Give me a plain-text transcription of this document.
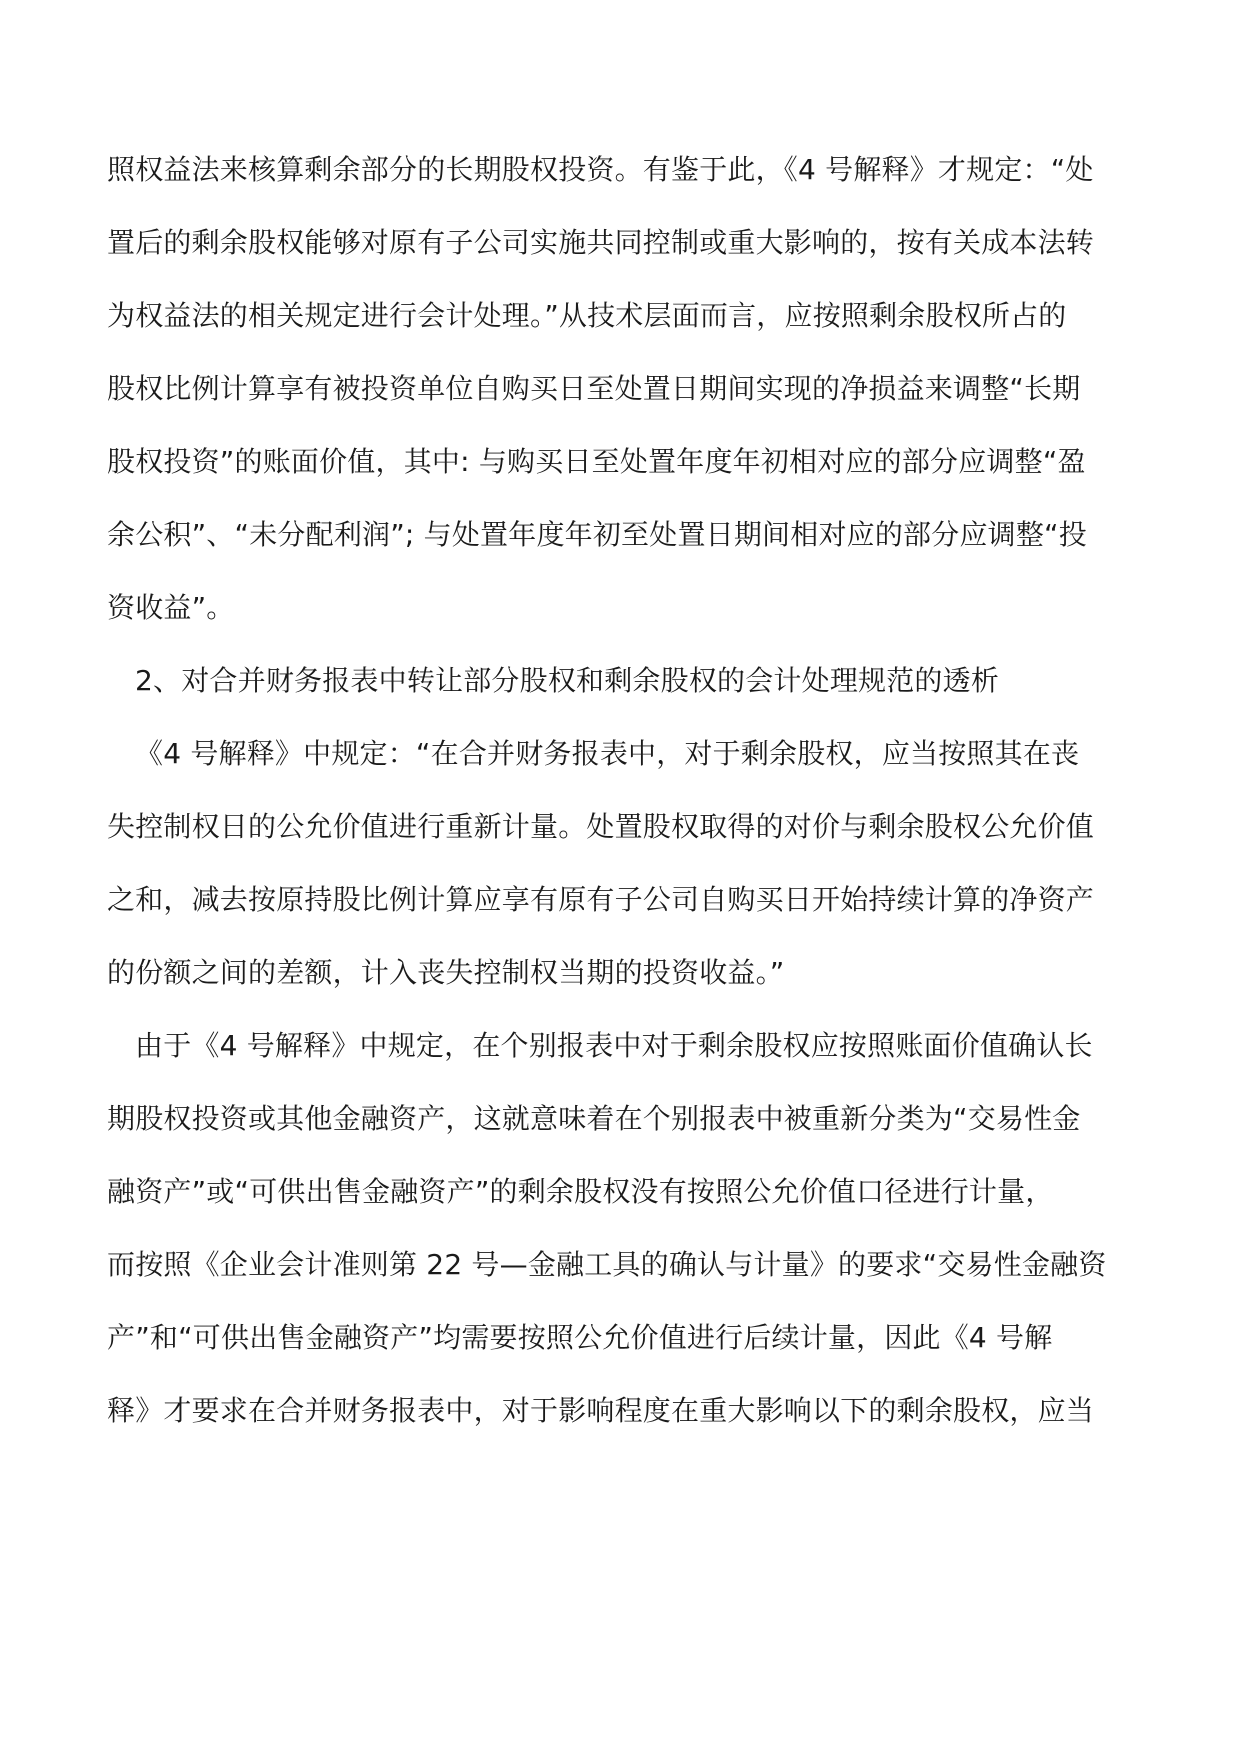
照权益法来核算剩余部分的长期股权投资。有鉴于此，《4 号解释》才规定：“处
置后的剩余股权能够对原有子公司实施共同控制或重大影响的，按有关成本法转
为权益法的相关规定进行会计处理。”从技术层面而言，应按照剩余股权所占的
股权比例计算享有被投资单位自购买日至处置日期间实现的净损益来调整“长期
股权投资”的账面价值，其中: 与购买日至处置年度年初相对应的部分应调整“盈
余公积”、“未分配利润”; 与处置年度年初至处置日期间相对应的部分应调整“投
资收益”。
2、对合并财务报表中转让部分股权和剩余股权的会计处理规范的透析
《4 号解释》中规定：“在合并财务报表中，对于剩余股权，应当按照其在丧
失控制权日的公允价值进行重新计量。处置股权取得的对价与剩余股权公允价值
之和，减去按原持股比例计算应享有原有子公司自购买日开始持续计算的净资产
的份额之间的差额，计入丧失控制权当期的投资收益。”
由于《4 号解释》中规定，在个别报表中对于剩余股权应按照账面价值确认长
期股权投资或其他金融资产，这就意味着在个别报表中被重新分类为“交易性金
融资产”或“可供出售金融资产”的剩余股权没有按照公允价值口径进行计量，
而按照《企业会计准则第 22 号—金融工具的确认与计量》的要求“交易性金融资
产”和“可供出售金融资产”均需要按照公允价值进行后续计量，因此《4 号解
释》才要求在合并财务报表中，对于影响程度在重大影响以下的剩余股权，应当
